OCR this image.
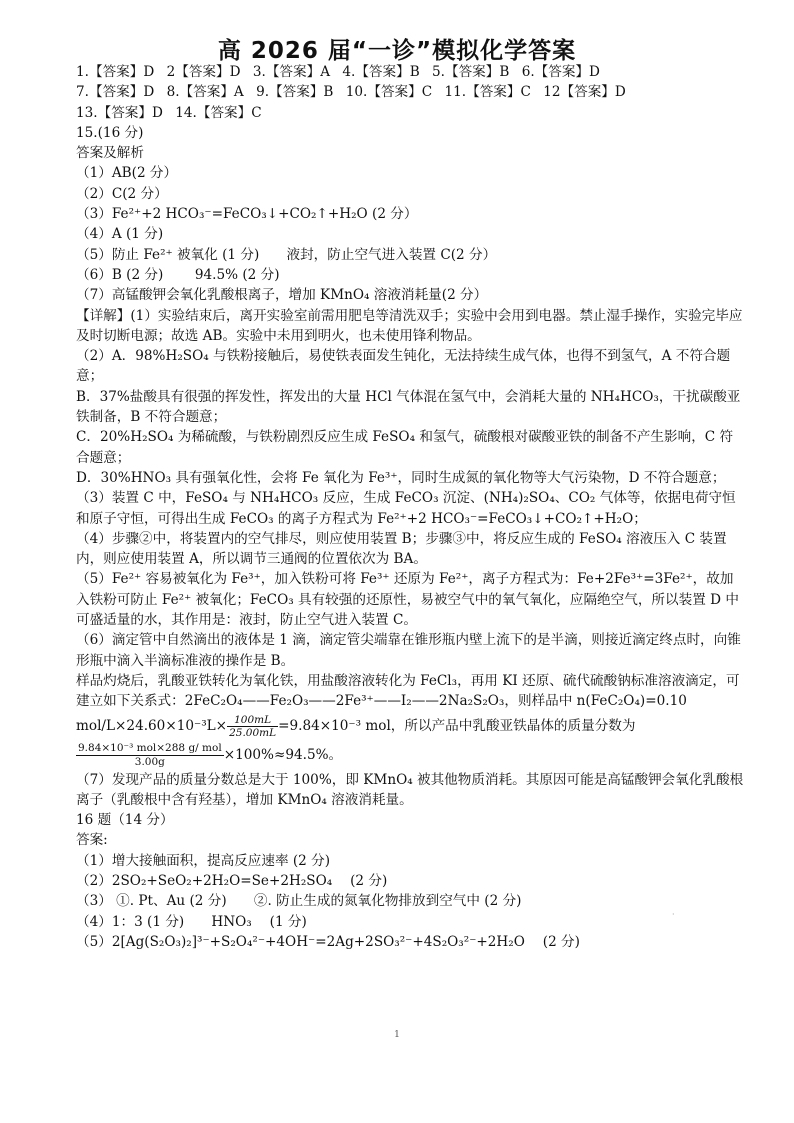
高 2026 届“一诊”模拟化学答案
1.【答案】D 2【答案】D 3.【答案】A 4.【答案】B 5.【答案】B 6.【答案】D
7.【答案】D 8.【答案】A 9.【答案】B 10.【答案】C 11.【答案】C 12【答案】D
13.【答案】D 14.【答案】C
15.(16 分)
答案及解析
（1）AB(2 分）
（2）C(2 分）
（3）Fe²⁺+2 HCO₃⁻=FeCO₃↓+CO₂↑+H₂O (2 分）
（4）A (1 分)
（5）防止 Fe²⁺ 被氧化 (1 分)　　液封，防止空气进入装置 C(2 分）
（6）B (2 分)　　 94.5% (2 分)
（7）高锰酸钾会氧化乳酸根离子，增加 KMnO₄ 溶液消耗量(2 分）
【详解】(1）实验结束后，离开实验室前需用肥皂等清洗双手；实验中会用到电器。禁止湿手操作，实验完毕应及时切断电源；故选 AB。实验中未用到明火，也未使用锋利物品。
（2）A．98%H₂SO₄ 与铁粉接触后，易使铁表面发生钝化，无法持续生成气体，也得不到氢气，A 不符合题意；
B．37%盐酸具有很强的挥发性，挥发出的大量 HCl 气体混在氢气中，会消耗大量的 NH₄HCO₃，干扰碳酸亚铁制备，B 不符合题意；
C．20%H₂SO₄ 为稀硫酸，与铁粉剧烈反应生成 FeSO₄ 和氢气，硫酸根对碳酸亚铁的制备不产生影响，C 符合题意；
D．30%HNO₃ 具有强氧化性，会将 Fe 氧化为 Fe³⁺，同时生成氮的氧化物等大气污染物，D 不符合题意；
（3）装置 C 中，FeSO₄ 与 NH₄HCO₃ 反应，生成 FeCO₃ 沉淀、(NH₄)₂SO₄、CO₂ 气体等，依据电荷守恒和原子守恒，可得出生成 FeCO₃ 的离子方程式为 Fe²⁺+2 HCO₃⁻=FeCO₃↓+CO₂↑+H₂O；
（4）步骤②中，将装置内的空气排尽，则应使用装置 B；步骤③中，将反应生成的 FeSO₄ 溶液压入 C 装置内，则应使用装置 A，所以调节三通阀的位置依次为 BA。
（5）Fe²⁺ 容易被氧化为 Fe³⁺，加入铁粉可将 Fe³⁺ 还原为 Fe²⁺，离子方程式为：Fe+2Fe³⁺=3Fe²⁺，故加入铁粉可防止 Fe²⁺ 被氧化；FeCO₃ 具有较强的还原性，易被空气中的氧气氧化，应隔绝空气，所以装置 D 中可盛适量的水，其作用是：液封，防止空气进入装置 C。
（6）滴定管中自然滴出的液体是 1 滴，滴定管尖端靠在锥形瓶内壁上流下的是半滴，则接近滴定终点时，向锥形瓶中滴入半滴标准液的操作是 B。
样品灼烧后，乳酸亚铁转化为氧化铁，用盐酸溶液转化为 FeCl₃，再用 KI 还原、硫代硫酸钠标准溶液滴定，可建立如下关系式：2FeC₂O₄——Fe₂O₃——2Fe³⁺——I₂——2Na₂S₂O₃，则样品中 n(FeC₂O₄)=0.10
$mol/L\times 24.60\times 10^{-3}L\times \frac{100mL}{25.00mL} =9.84\times 10^{-3}$ mol，所以产品中乳酸亚铁晶体的质量分数为
$\frac{\text{9.84×10⁻³ mol×288 g/ mol}}{3.00g} \times 100\%\approx 94.5\%$。
（7）发现产品的质量分数总是大于 100%，即 KMnO₄ 被其他物质消耗。其原因可能是高锰酸钾会氧化乳酸根离子（乳酸根中含有羟基），增加 KMnO₄ 溶液消耗量。
16 题（14 分）
答案:
（1）增大接触面积，提高反应速率 (2 分)
（2）2SO₂+SeO₂+2H₂O=Se+2H₂SO₄　 (2 分)
（3） ①. Pt、Au (2 分)　　②. 防止生成的氮氧化物排放到空气中 (2 分)
（4）1：3 (1 分)　　HNO₃　 (1 分)
（5）2[Ag(S₂O₃)₂]³⁻+S₂O₄²⁻+4OH⁻=2Ag+2SO₃²⁻+4S₂O₃²⁻+2H₂O　 (2 分)
·
1
